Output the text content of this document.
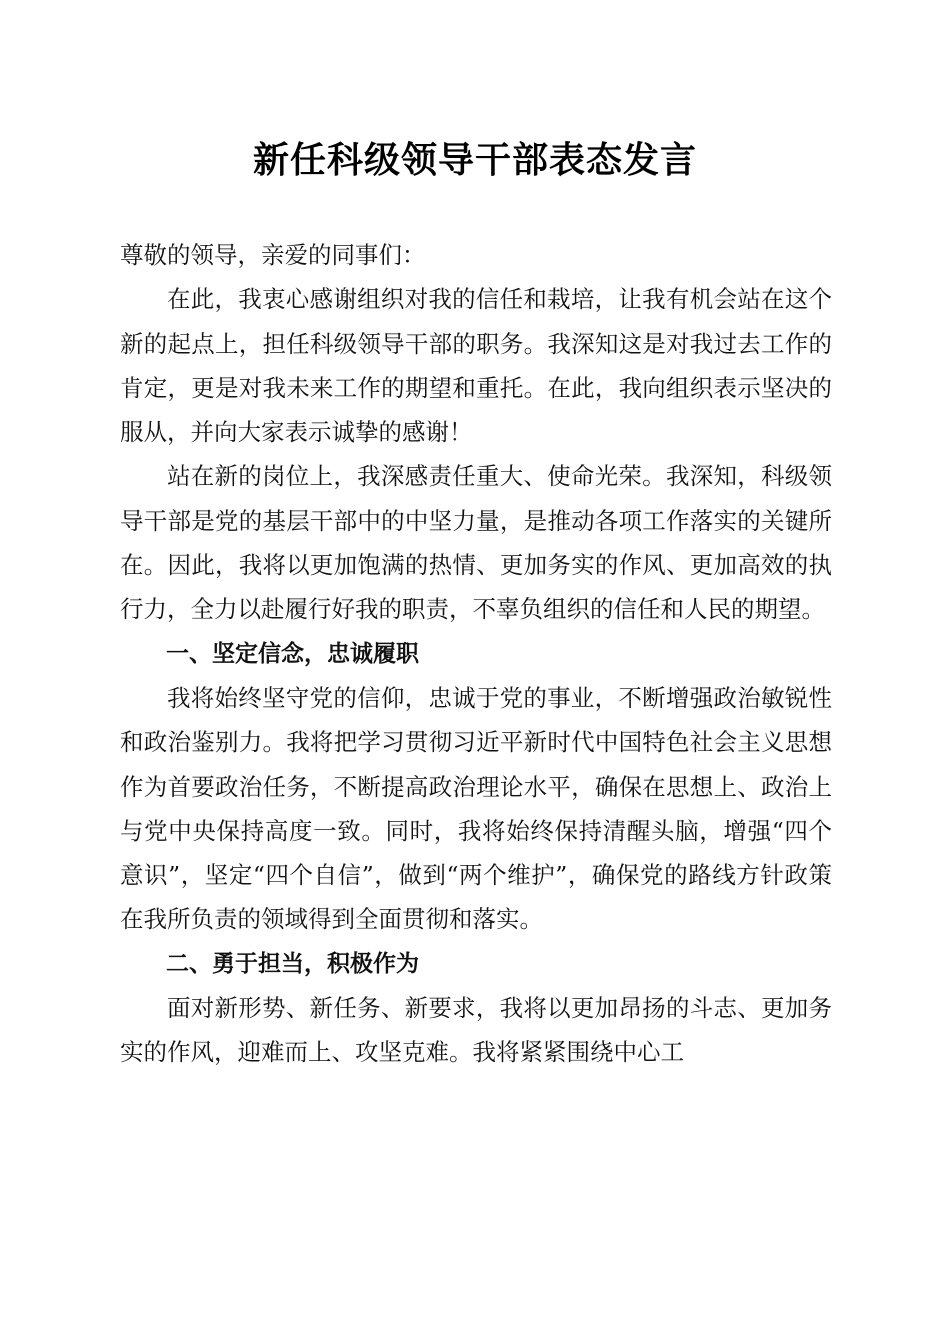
新任科级领导干部表态发言

尊敬的领导，亲爱的同事们：

在此，我衷心感谢组织对我的信任和栽培，让我有机会站在这个新的起点上，担任科级领导干部的职务。我深知这是对我过去工作的肯定，更是对我未来工作的期望和重托。在此，我向组织表示坚决的服从，并向大家表示诚挚的感谢！

站在新的岗位上，我深感责任重大、使命光荣。我深知，科级领导干部是党的基层干部中的中坚力量，是推动各项工作落实的关键所在。因此，我将以更加饱满的热情、更加务实的作风、更加高效的执行力，全力以赴履行好我的职责，不辜负组织的信任和人民的期望。

一、坚定信念，忠诚履职

我将始终坚守党的信仰，忠诚于党的事业，不断增强政治敏锐性和政治鉴别力。我将把学习贯彻习近平新时代中国特色社会主义思想作为首要政治任务，不断提高政治理论水平，确保在思想上、政治上与党中央保持高度一致。同时，我将始终保持清醒头脑，增强“四个意识”，坚定“四个自信”，做到“两个维护”，确保党的路线方针政策在我所负责的领域得到全面贯彻和落实。

二、勇于担当，积极作为

面对新形势、新任务、新要求，我将以更加昂扬的斗志、更加务实的作风，迎难而上、攻坚克难。我将紧紧围绕中心工
